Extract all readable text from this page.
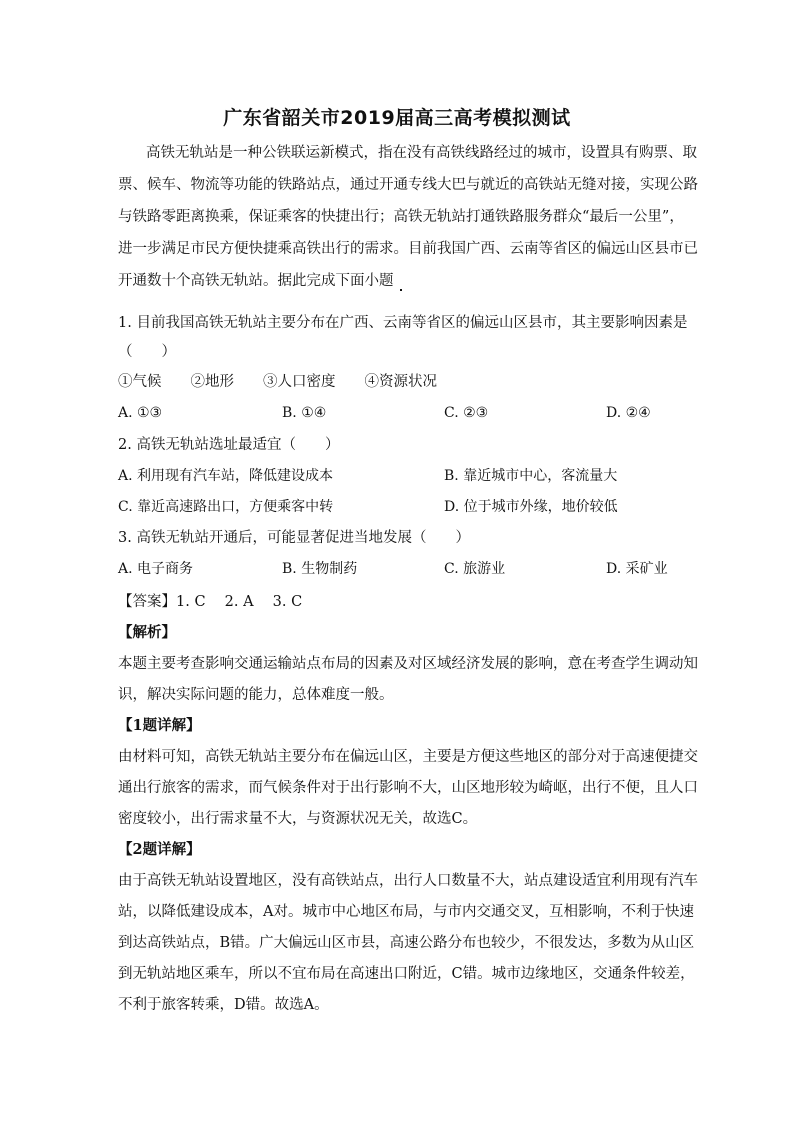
广东省韶关市2019届高三高考模拟测试
高铁无轨站是一种公铁联运新模式，指在没有高铁线路经过的城市，设置具有购票、取
票、候车、物流等功能的铁路站点，通过开通专线大巴与就近的高铁站无缝对接，实现公路
与铁路零距离换乘，保证乘客的快捷出行；高铁无轨站打通铁路服务群众“最后一公里”，
进一步满足市民方便快捷乘高铁出行的需求。目前我国广西、云南等省区的偏远山区县市已
开通数十个高铁无轨站。据此完成下面小题
1. 目前我国高铁无轨站主要分布在广西、云南等省区的偏远山区县市，其主要影响因素是
（　　）
①气候　　②地形　　③人口密度　　④资源状况
A. ①③	B. ①④	C. ②③	D. ②④
2. 高铁无轨站选址最适宜（　　）
A. 利用现有汽车站，降低建设成本	B. 靠近城市中心，客流量大
C. 靠近高速路出口，方便乘客中转	D. 位于城市外缘，地价较低
3. 高铁无轨站开通后，可能显著促进当地发展（　　）
A. 电子商务	B. 生物制药	C. 旅游业	D. 采矿业
【答案】1. C　 2. A　 3. C
【解析】
本题主要考查影响交通运输站点布局的因素及对区域经济发展的影响，意在考查学生调动知
识，解决实际问题的能力，总体难度一般。
【1题详解】
由材料可知，高铁无轨站主要分布在偏远山区，主要是方便这些地区的部分对于高速便捷交
通出行旅客的需求，而气候条件对于出行影响不大，山区地形较为崎岖，出行不便，且人口
密度较小，出行需求量不大，与资源状况无关，故选C。
【2题详解】
由于高铁无轨站设置地区，没有高铁站点，出行人口数量不大，站点建设适宜利用现有汽车
站，以降低建设成本，A对。城市中心地区布局，与市内交通交叉，互相影响，不利于快速
到达高铁站点，B错。广大偏远山区市县，高速公路分布也较少，不很发达，多数为从山区
到无轨站地区乘车，所以不宜布局在高速出口附近，C错。城市边缘地区，交通条件较差，
不利于旅客转乘，D错。故选A。
